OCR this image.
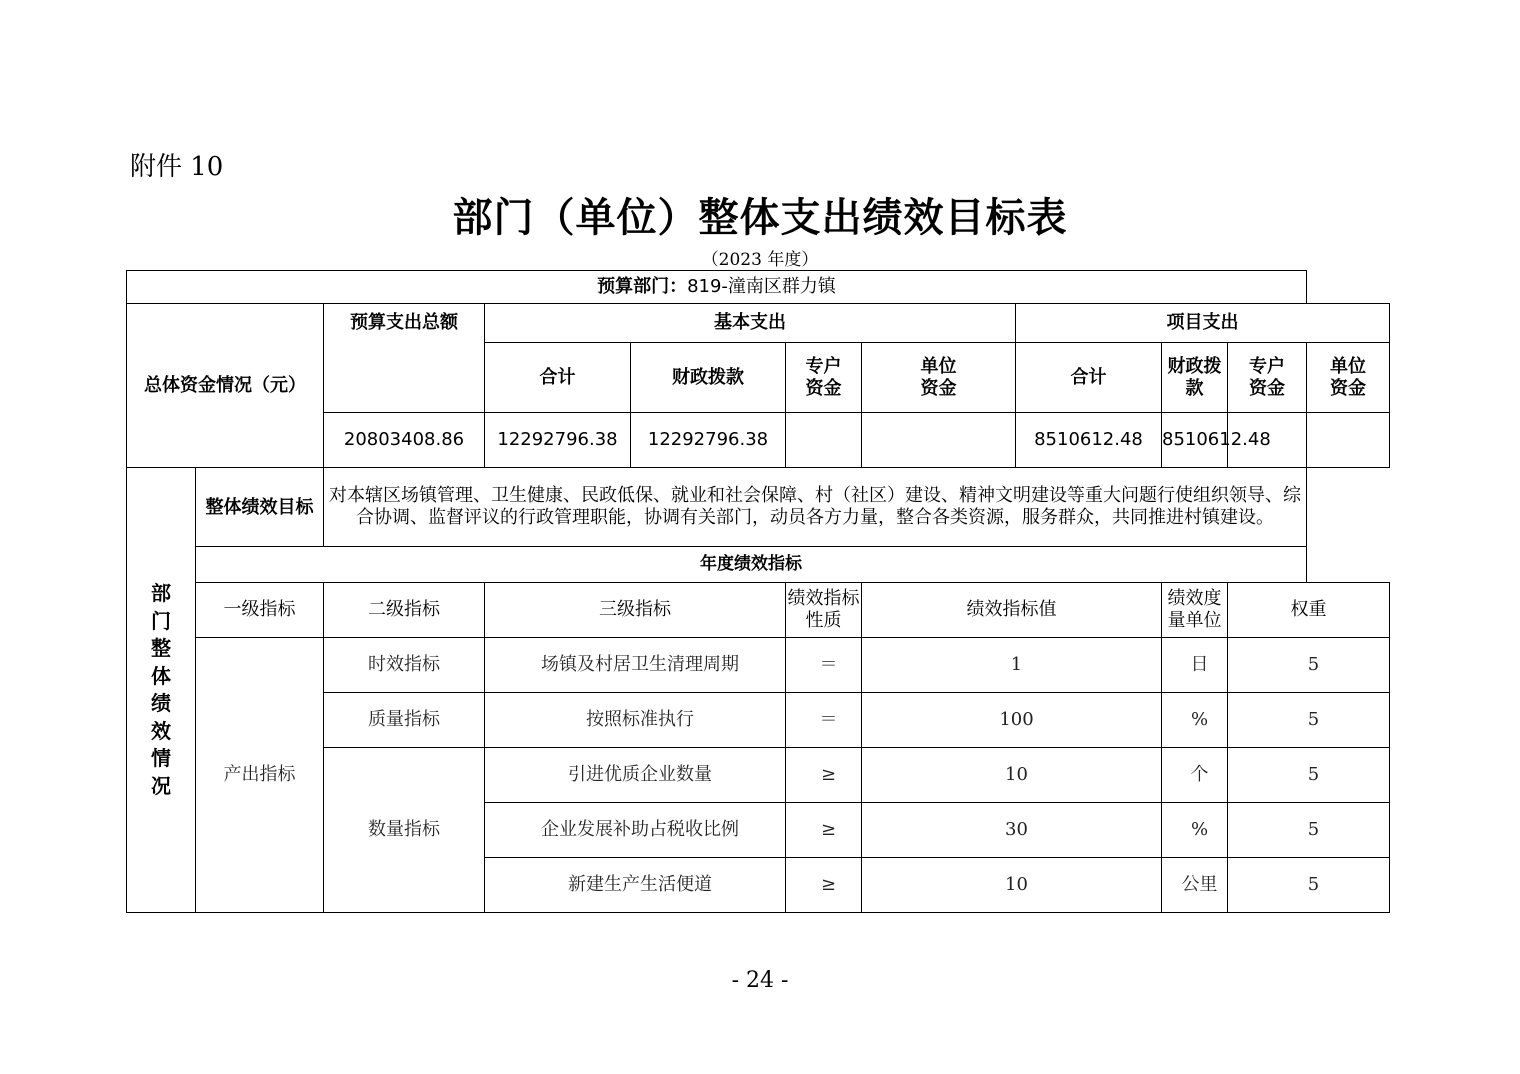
附件 10
部门（单位）整体支出绩效目标表
（2023 年度）
预算部门：819-潼南区群力镇										
总体资金情况（元）		预算支出总额	基本支出				项目支出			
			合计	财政拨款	专户资金	单位资金	合计	财政拨款	专户资金	单位资金
		20803408.86	12292796.38	12292796.38			8510612.48	8510612.48		
部门整体绩效情况	整体绩效目标	对本辖区场镇管理、卫生健康、民政低保、就业和社会保障、村（社区）建设、精神文明建设等重大问题行使组织领导、综合协调、监督评议的行政管理职能，协调有关部门，动员各方力量，整合各类资源，服务群众，共同推进村镇建设。								
	年度绩效指标									
	一级指标	二级指标	三级指标		绩效指标性质	绩效指标值		绩效度量单位	权重	
	产出指标	时效指标	场镇及村居卫生清理周期		＝	1		日	5	
		质量指标	按照标准执行		＝	100		%	5	
		数量指标	引进优质企业数量		≥	10		个	5	
			企业发展补助占税收比例		≥	30		%	5	
			新建生产生活便道		≥	10		公里	5	
- 24 -
